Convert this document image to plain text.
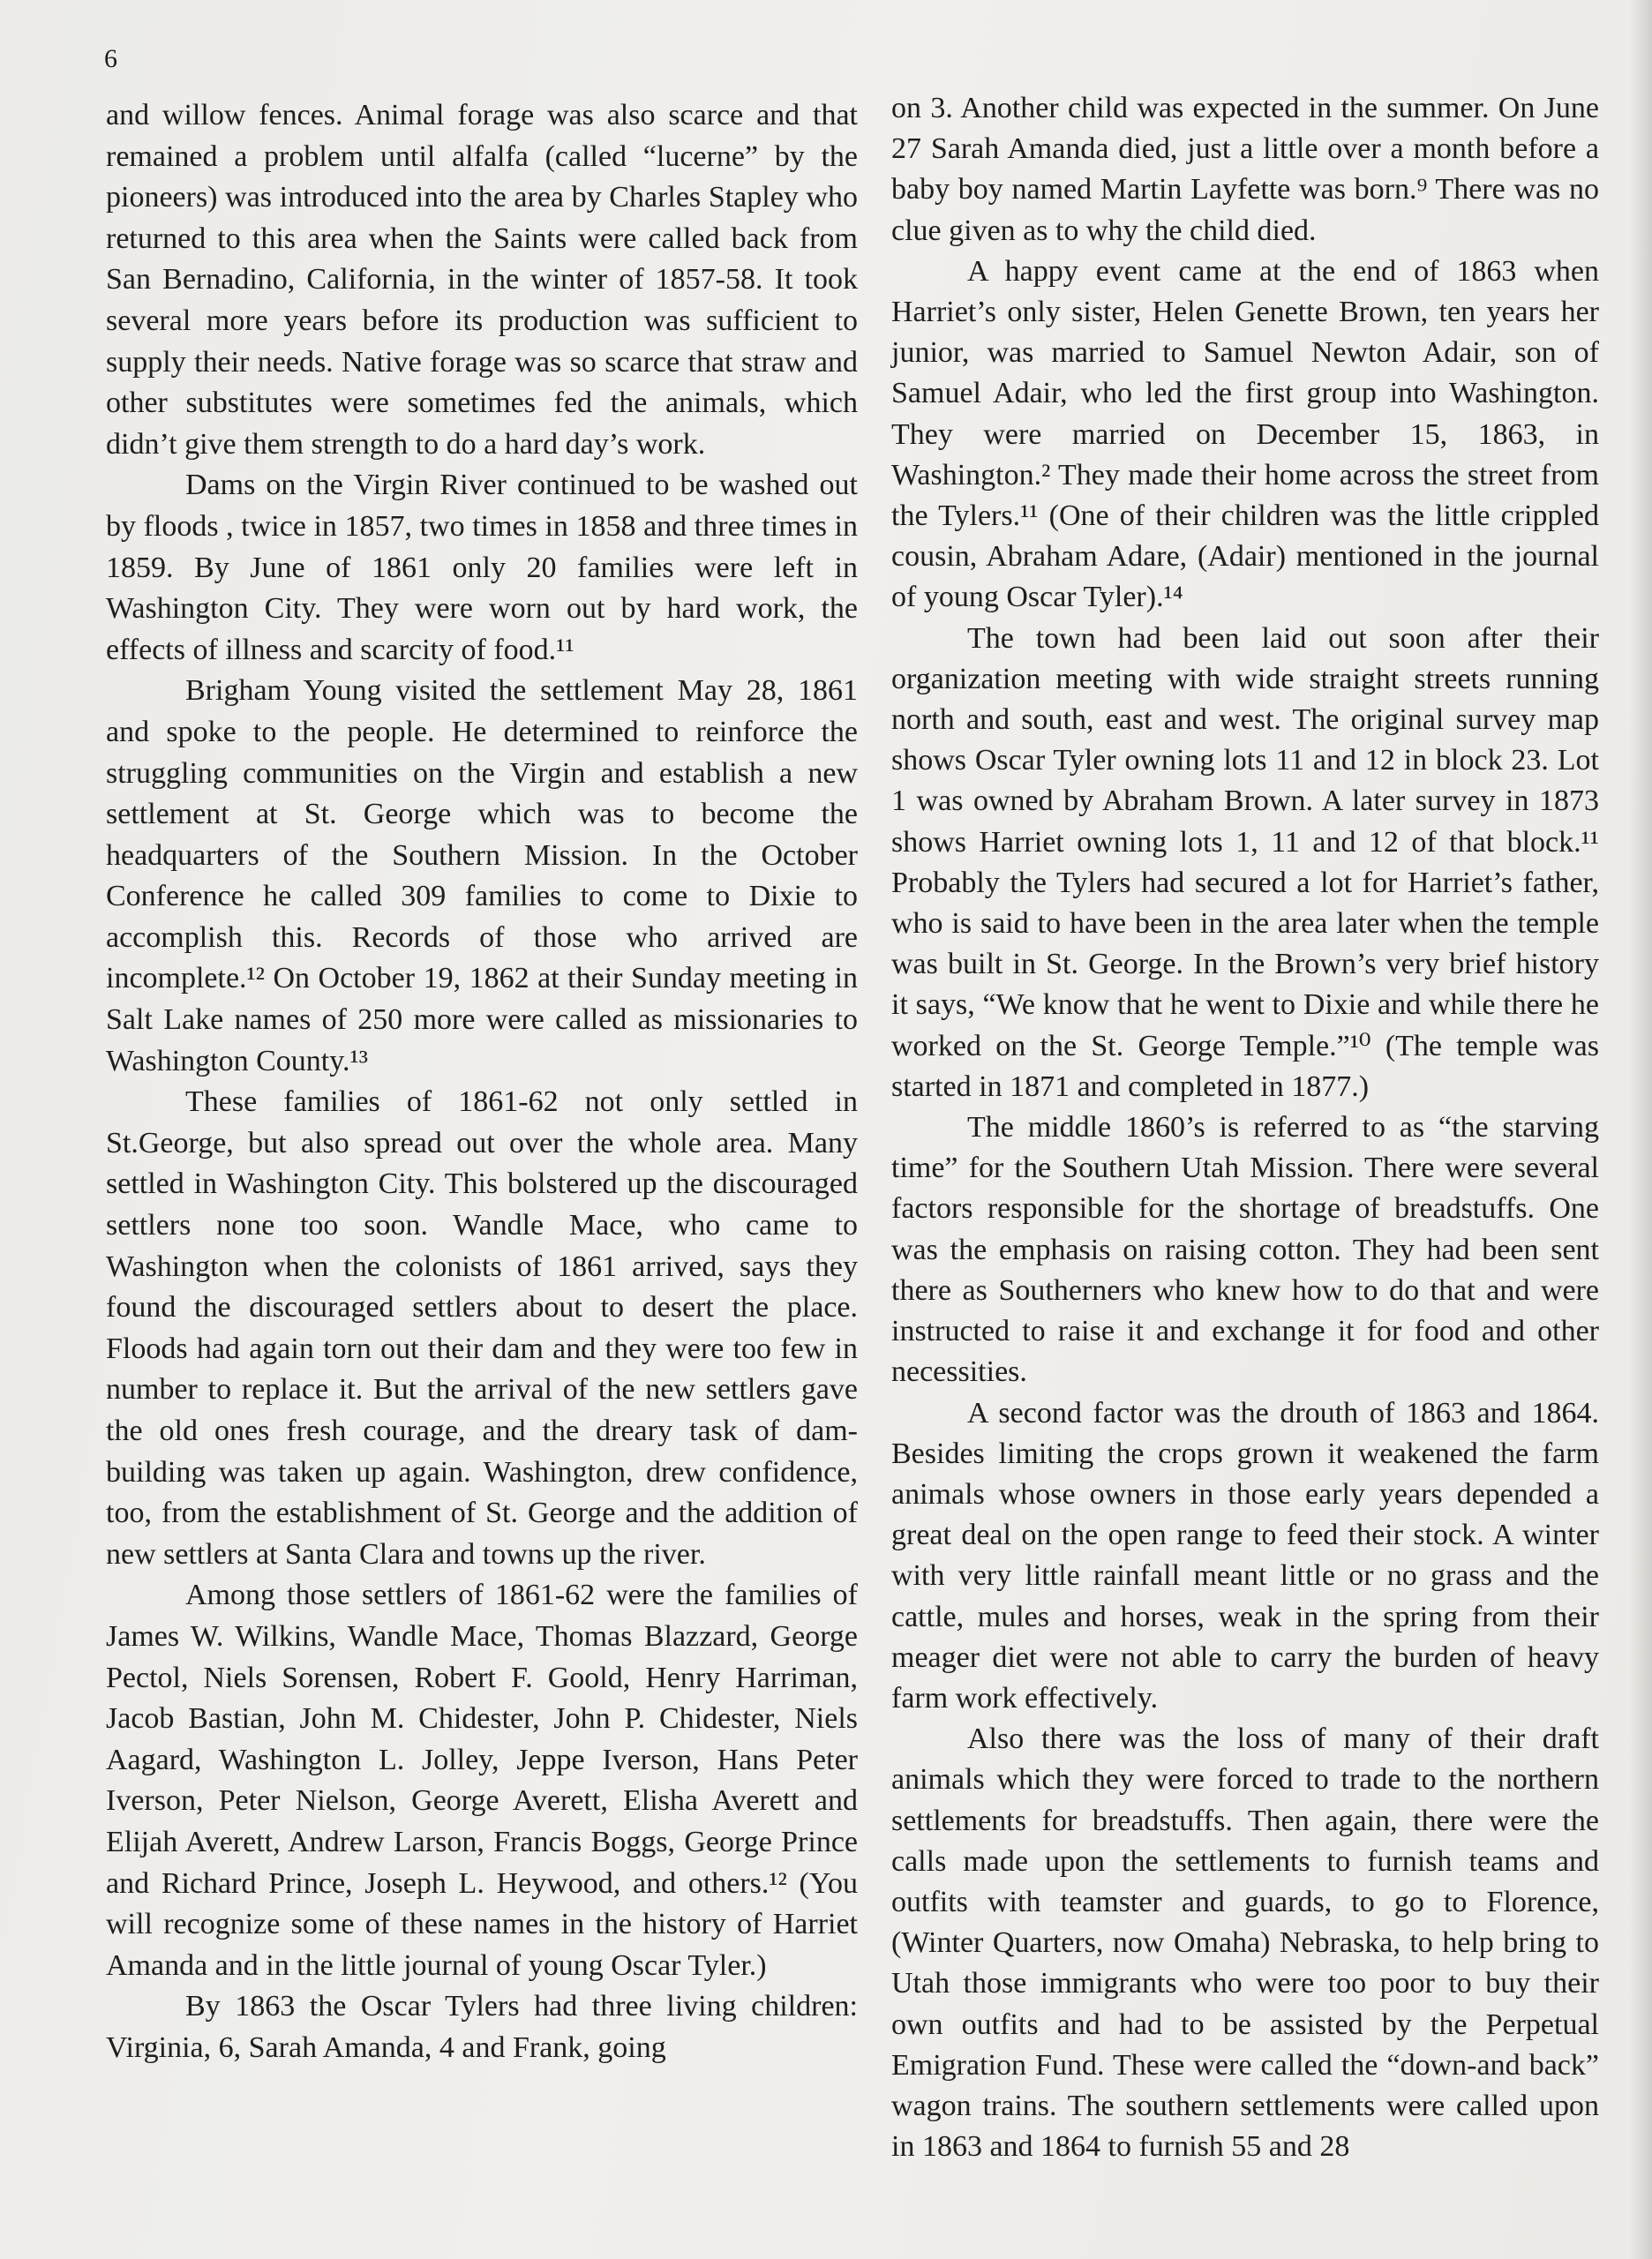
6

and willow fences. Animal forage was also scarce and that remained a problem until alfalfa (called “lucerne” by the pioneers) was introduced into the area by Charles Stapley who returned to this area when the Saints were called back from San Bernadino, California, in the winter of 1857-58. It took several more years before its production was sufficient to supply their needs. Native forage was so scarce that straw and other substitutes were sometimes fed the animals, which didn’t give them strength to do a hard day’s work.

Dams on the Virgin River continued to be washed out by floods , twice in 1857, two times in 1858 and three times in 1859. By June of 1861 only 20 families were left in Washington City. They were worn out by hard work, the effects of illness and scarcity of food.¹¹

Brigham Young visited the settlement May 28, 1861 and spoke to the people. He determined to reinforce the struggling communities on the Virgin and establish a new settlement at St. George which was to become the headquarters of the Southern Mission. In the October Conference he called 309 families to come to Dixie to accomplish this. Records of those who arrived are incomplete.¹² On October 19, 1862 at their Sunday meeting in Salt Lake names of 250 more were called as missionaries to Washington County.¹³

These families of 1861-62 not only settled in St.George, but also spread out over the whole area. Many settled in Washington City. This bolstered up the discouraged settlers none too soon. Wandle Mace, who came to Washington when the colonists of 1861 arrived, says they found the discouraged settlers about to desert the place. Floods had again torn out their dam and they were too few in number to replace it. But the arrival of the new settlers gave the old ones fresh courage, and the dreary task of dam-building was taken up again. Washington, drew confidence, too, from the establishment of St. George and the addition of new settlers at Santa Clara and towns up the river.

Among those settlers of 1861-62 were the families of James W. Wilkins, Wandle Mace, Thomas Blazzard, George Pectol, Niels Sorensen, Robert F. Goold, Henry Harriman, Jacob Bastian, John M. Chidester, John P. Chidester, Niels Aagard, Washington L. Jolley, Jeppe Iverson, Hans Peter Iverson, Peter Nielson, George Averett, Elisha Averett and Elijah Averett, Andrew Larson, Francis Boggs, George Prince and Richard Prince, Joseph L. Heywood, and others.¹² (You will recognize some of these names in the history of Harriet Amanda and in the little journal of young Oscar Tyler.)

By 1863 the Oscar Tylers had three living children: Virginia, 6, Sarah Amanda, 4 and Frank, going

on 3. Another child was expected in the summer. On June 27 Sarah Amanda died, just a little over a month before a baby boy named Martin Layfette was born.⁹ There was no clue given as to why the child died.

A happy event came at the end of 1863 when Harriet’s only sister, Helen Genette Brown, ten years her junior, was married to Samuel Newton Adair, son of Samuel Adair, who led the first group into Washington. They were married on December 15, 1863, in Washington.² They made their home across the street from the Tylers.¹¹ (One of their children was the little crippled cousin, Abraham Adare, (Adair) mentioned in the journal of young Oscar Tyler).¹⁴

The town had been laid out soon after their organization meeting with wide straight streets running north and south, east and west. The original survey map shows Oscar Tyler owning lots 11 and 12 in block 23. Lot 1 was owned by Abraham Brown. A later survey in 1873 shows Harriet owning lots 1, 11 and 12 of that block.¹¹ Probably the Tylers had secured a lot for Harriet’s father, who is said to have been in the area later when the temple was built in St. George. In the Brown’s very brief history it says, “We know that he went to Dixie and while there he worked on the St. George Temple.”¹⁰ (The temple was started in 1871 and completed in 1877.)

The middle 1860’s is referred to as “the starving time” for the Southern Utah Mission. There were several factors responsible for the shortage of breadstuffs. One was the emphasis on raising cotton. They had been sent there as Southerners who knew how to do that and were instructed to raise it and exchange it for food and other necessities.

A second factor was the drouth of 1863 and 1864. Besides limiting the crops grown it weakened the farm animals whose owners in those early years depended a great deal on the open range to feed their stock. A winter with very little rainfall meant little or no grass and the cattle, mules and horses, weak in the spring from their meager diet were not able to carry the burden of heavy farm work effectively.

Also there was the loss of many of their draft animals which they were forced to trade to the northern settlements for breadstuffs. Then again, there were the calls made upon the settlements to furnish teams and outfits with teamster and guards, to go to Florence, (Winter Quarters, now Omaha) Nebraska, to help bring to Utah those immigrants who were too poor to buy their own outfits and had to be assisted by the Perpetual Emigration Fund. These were called the “down-and back” wagon trains. The southern settlements were called upon in 1863 and 1864 to furnish 55 and 28
